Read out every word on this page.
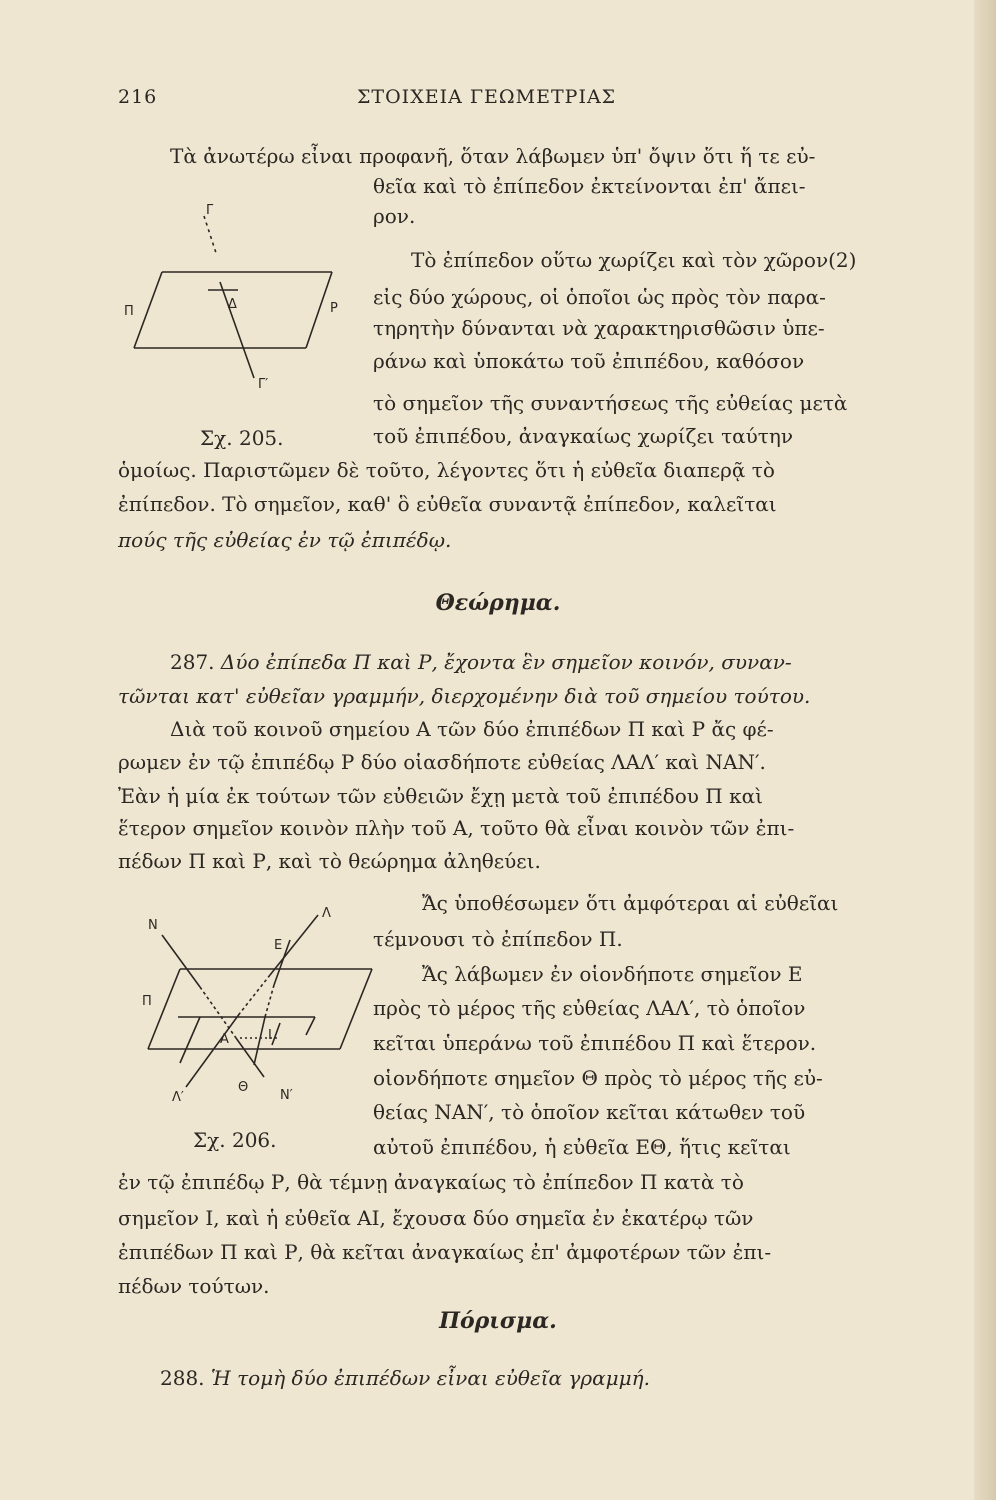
216	ΣΤΟΙΧΕΙΑ ΓΕΩΜΕΤΡΙΑΣ
Τὰ ἀνωτέρω εἶναι προφανῆ, ὅταν λάβωμεν ὑπ' ὄψιν ὅτι ἥ τε εὐ-
θεῖα καὶ τὸ ἐπίπεδον ἐκτείνονται ἐπ' ἄπει-
ρον.
Τὸ ἐπίπεδον οὕτω χωρίζει καὶ τὸν χῶρον(2)
εἰς δύο χώρους, οἱ ὁποῖοι ὡς πρὸς τὸν παρα-
τηρητὴν δύνανται νὰ χαρακτηρισθῶσιν ὑπε-
ράνω καὶ ὑποκάτω τοῦ ἐπιπέδου, καθόσον
τὸ σημεῖον τῆς συναντήσεως τῆς εὐθείας μετὰ
τοῦ ἐπιπέδου, ἀναγκαίως χωρίζει ταύτην
ὁμοίως. Παριστῶμεν δὲ τοῦτο, λέγοντες ὅτι ἡ εὐθεῖα διαπερᾷ τὸ
ἐπίπεδον. Τὸ σημεῖον, καθ' ὃ εὐθεῖα συναντᾷ ἐπίπεδον, καλεῖται
πούς τῆς εὐθείας ἐν τῷ ἐπιπέδῳ.
Γ
Π	Δ	Ρ
Γ′
Σχ. 205.
Θεώρημα.
287. Δύο ἐπίπεδα Π καὶ Ρ, ἔχοντα ἓν σημεῖον κοινόν, συναν-
τῶνται κατ' εὐθεῖαν γραμμήν, διερχομένην διὰ τοῦ σημείου τούτου.
Διὰ τοῦ κοινοῦ σημείου Α τῶν δύο ἐπιπέδων Π καὶ Ρ ἄς φέ-
ρωμεν ἐν τῷ ἐπιπέδῳ Ρ δύο οἱασδήποτε εὐθείας ΛΑΛ′ καὶ ΝΑΝ′.
Ἐὰν ἡ μία ἐκ τούτων τῶν εὐθειῶν ἔχῃ μετὰ τοῦ ἐπιπέδου Π καὶ
ἕτερον σημεῖον κοινὸν πλὴν τοῦ Α, τοῦτο θὰ εἶναι κοινὸν τῶν ἐπι-
πέδων Π καὶ Ρ, καὶ τὸ θεώρημα ἀληθεύει.
Ἄς ὑποθέσωμεν ὅτι ἀμφότεραι αἱ εὐθεῖαι
τέμνουσι τὸ ἐπίπεδον Π.
Ἄς λάβωμεν ἐν οἱονδήποτε σημεῖον Ε
πρὸς τὸ μέρος τῆς εὐθείας ΛΑΛ′, τὸ ὁποῖον
κεῖται ὑπεράνω τοῦ ἐπιπέδου Π καὶ ἕτερον.
οἱονδήποτε σημεῖον Θ πρὸς τὸ μέρος τῆς εὐ-
θείας ΝΑΝ′, τὸ ὁποῖον κεῖται κάτωθεν τοῦ
αὐτοῦ ἐπιπέδου, ἡ εὐθεῖα ΕΘ, ἥτις κεῖται
ἐν τῷ ἐπιπέδῳ Ρ, θὰ τέμνῃ ἀναγκαίως τὸ ἐπίπεδον Π κατὰ τὸ
σημεῖον Ι, καὶ ἡ εὐθεῖα ΑΙ, ἔχουσα δύο σημεῖα ἐν ἑκατέρῳ τῶν
ἐπιπέδων Π καὶ Ρ, θὰ κεῖται ἀναγκαίως ἐπ' ἀμφοτέρων τῶν ἐπι-
πέδων τούτων.
Ν
Λ
Ε
Π
Α	Ι
Λ′
Θ
Ν′
Σχ. 206.
Πόρισμα.
288. Ἡ τομὴ δύο ἐπιπέδων εἶναι εὐθεῖα γραμμή.
